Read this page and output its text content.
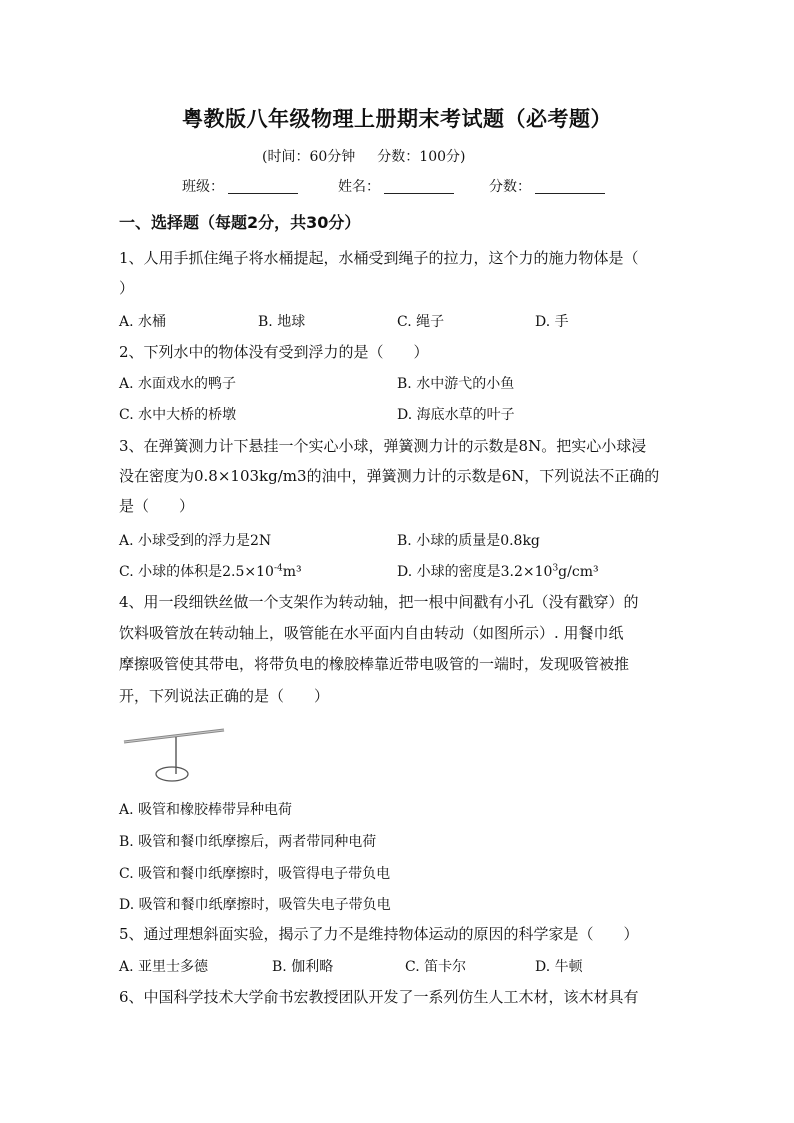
粤教版八年级物理上册期末考试题（必考题）
(时间：60分钟 分数：100分)
班级：	姓名：	分数：
一、选择题（每题2分，共30分）
1、人用手抓住绳子将水桶提起，水桶受到绳子的拉力，这个力的施力物体是（
）
A. 水桶	B. 地球	C. 绳子	D. 手
2、下列水中的物体没有受到浮力的是（　　）
A. 水面戏水的鸭子	B. 水中游弋的小鱼
C. 水中大桥的桥墩	D. 海底水草的叶子
3、在弹簧测力计下悬挂一个实心小球，弹簧测力计的示数是8N。把实心小球浸
没在密度为0.8×103kg/m3的油中，弹簧测力计的示数是6N，下列说法不正确的
是（　　）
A. 小球受到的浮力是2N	B. 小球的质量是0.8kg
C. 小球的体积是$2.5\times 10^{-4}m^3$	D. 小球的密度是$3.2\times 10^3g$/cm³
4、用一段细铁丝做一个支架作为转动轴，把一根中间戳有小孔（没有戳穿）的
饮料吸管放在转动轴上，吸管能在水平面内自由转动（如图所示）. 用餐巾纸
摩擦吸管使其带电，将带负电的橡胶棒靠近带电吸管的一端时，发现吸管被推
开，下列说法正确的是（　　）
A. 吸管和橡胶棒带异种电荷
B. 吸管和餐巾纸摩擦后，两者带同种电荷
C. 吸管和餐巾纸摩擦时，吸管得电子带负电
D. 吸管和餐巾纸摩擦时，吸管失电子带负电
5、通过理想斜面实验，揭示了力不是维持物体运动的原因的科学家是（　　）
A. 亚里士多德	B. 伽利略	C. 笛卡尔	D. 牛顿
6、中国科学技术大学俞书宏教授团队开发了一系列仿生人工木材，该木材具有
